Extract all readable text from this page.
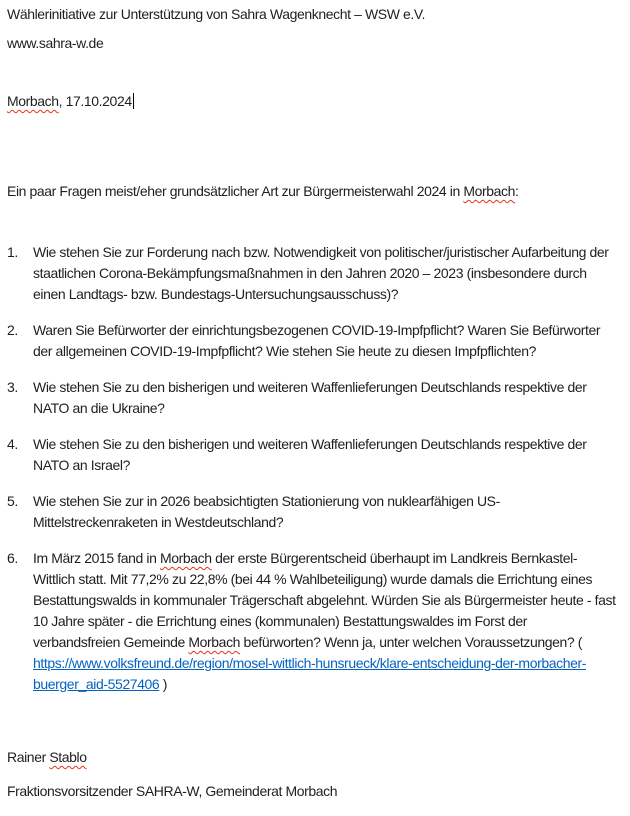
Wählerinitiative zur Unterstützung von Sahra Wagenknecht – WSW e.V.

www.sahra-w.de

Morbach, 17.10.2024

Ein paar Fragen meist/eher grundsätzlicher Art zur Bürgermeisterwahl 2024 in Morbach:

1.	Wie stehen Sie zur Forderung nach bzw. Notwendigkeit von politischer/juristischer Aufarbeitung der staatlichen Corona-Bekämpfungsmaßnahmen in den Jahren 2020 – 2023 (insbesondere durch einen Landtags- bzw. Bundestags-Untersuchungsausschuss)?

2.	Waren Sie Befürworter der einrichtungsbezogenen COVID-19-Impfpflicht? Waren Sie Befürworter der allgemeinen COVID-19-Impfpflicht? Wie stehen Sie heute zu diesen Impfpflichten?

3.	Wie stehen Sie zu den bisherigen und weiteren Waffenlieferungen Deutschlands respektive der NATO an die Ukraine?

4.	Wie stehen Sie zu den bisherigen und weiteren Waffenlieferungen Deutschlands respektive der NATO an Israel?

5.	Wie stehen Sie zur in 2026 beabsichtigten Stationierung von nuklearfähigen US-Mittelstreckenraketen in Westdeutschland?

6.	Im März 2015 fand in Morbach der erste Bürgerentscheid überhaupt im Landkreis Bernkastel-Wittlich statt. Mit 77,2% zu 22,8% (bei 44 % Wahlbeteiligung) wurde damals die Errichtung eines Bestattungswalds in kommunaler Trägerschaft abgelehnt. Würden Sie als Bürgermeister heute - fast 10 Jahre später - die Errichtung eines (kommunalen) Bestattungswaldes im Forst der verbandsfreien Gemeinde Morbach befürworten? Wenn ja, unter welchen Voraussetzungen? ( https://www.volksfreund.de/region/mosel-wittlich-hunsrueck/klare-entscheidung-der-morbacher-buerger_aid-5527406 )

Rainer Stablo

Fraktionsvorsitzender SAHRA-W, Gemeinderat Morbach
